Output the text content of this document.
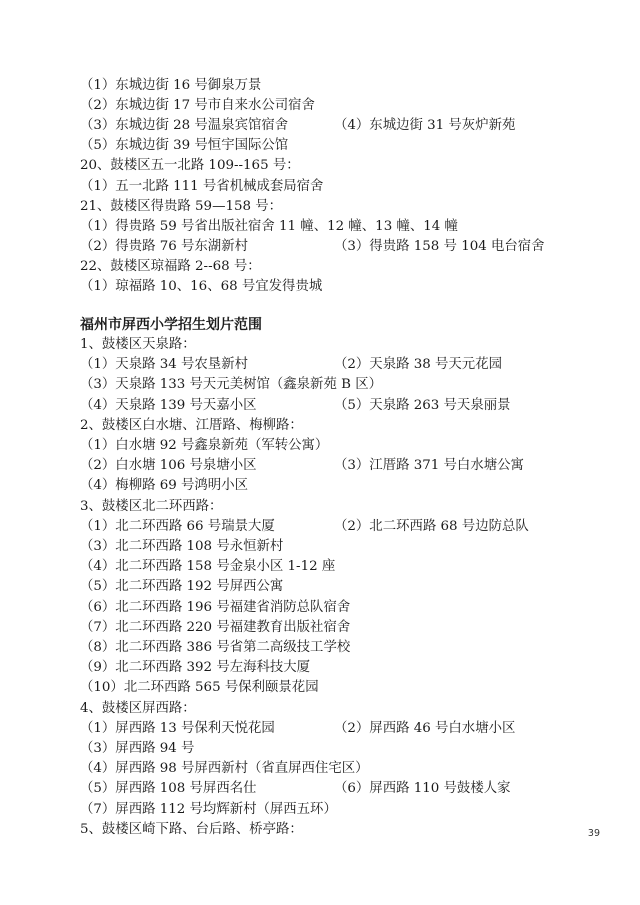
（1）东城边街 16 号御泉万景
（2）东城边街 17 号市自来水公司宿舍
（3）东城边街 28 号温泉宾馆宿舍	（4）东城边街 31 号灰炉新苑
（5）东城边街 39 号恒宇国际公馆
20、鼓楼区五一北路 109--165 号：
（1）五一北路 111 号省机械成套局宿舍
21、鼓楼区得贵路 59—158 号：
（1）得贵路 59 号省出版社宿舍 11 幢、12 幢、13 幢、14 幢
（2）得贵路 76 号东湖新村	（3）得贵路 158 号 104 电台宿舍
22、鼓楼区琼福路 2--68 号：
（1）琼福路 10、16、68 号宜发得贵城
福州市屏西小学招生划片范围
1、鼓楼区天泉路：
（1）天泉路 34 号农垦新村	（2）天泉路 38 号天元花园
（3）天泉路 133 号天元美树馆（鑫泉新苑 B 区）
（4）天泉路 139 号天嘉小区	（5）天泉路 263 号天泉丽景
2、鼓楼区白水塘、江厝路、梅柳路：
（1）白水塘 92 号鑫泉新苑（军转公寓）
（2）白水塘 106 号泉塘小区	（3）江厝路 371 号白水塘公寓
（4）梅柳路 69 号鸿明小区
3、鼓楼区北二环西路：
（1）北二环西路 66 号瑞景大厦	（2）北二环西路 68 号边防总队
（3）北二环西路 108 号永恒新村
（4）北二环西路 158 号金泉小区 1-12 座
（5）北二环西路 192 号屏西公寓
（6）北二环西路 196 号福建省消防总队宿舍
（7）北二环西路 220 号福建教育出版社宿舍
（8）北二环西路 386 号省第二高级技工学校
（9）北二环西路 392 号左海科技大厦
（10）北二环西路 565 号保利颐景花园
4、鼓楼区屏西路：
（1）屏西路 13 号保利天悦花园	（2）屏西路 46 号白水塘小区
（3）屏西路 94 号
（4）屏西路 98 号屏西新村（省直屏西住宅区）
（5）屏西路 108 号屏西名仕	（6）屏西路 110 号鼓楼人家
（7）屏西路 112 号均辉新村（屏西五环）
5、鼓楼区崎下路、台后路、桥亭路：	39
